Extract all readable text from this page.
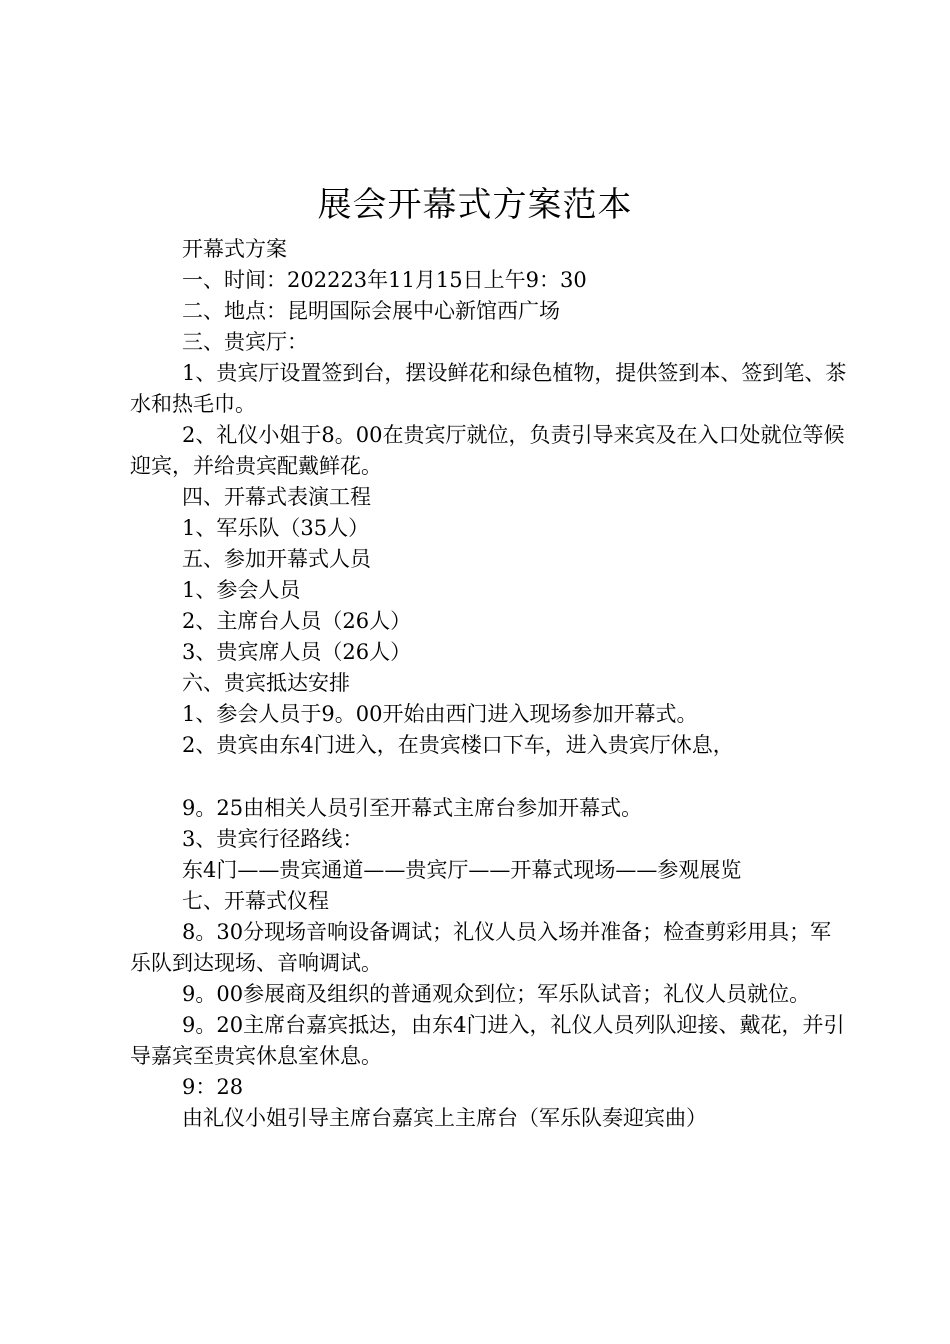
展会开幕式方案范本

开幕式方案

一、时间：202223年11月15日上午9：30

二、地点：昆明国际会展中心新馆西广场

三、贵宾厅：

1、贵宾厅设置签到台，摆设鲜花和绿色植物，提供签到本、签到笔、茶水和热毛巾。

2、礼仪小姐于8。00在贵宾厅就位，负责引导来宾及在入口处就位等候迎宾，并给贵宾配戴鲜花。

四、开幕式表演工程

1、军乐队（35人）

五、参加开幕式人员

1、参会人员

2、主席台人员（26人）

3、贵宾席人员（26人）

六、贵宾抵达安排

1、参会人员于9。00开始由西门进入现场参加开幕式。

2、贵宾由东4门进入，在贵宾楼口下车，进入贵宾厅休息，

9。25由相关人员引至开幕式主席台参加开幕式。

3、贵宾行径路线：

东4门——贵宾通道——贵宾厅——开幕式现场——参观展览

七、开幕式仪程

8。30分现场音响设备调试；礼仪人员入场并准备；检查剪彩用具；军乐队到达现场、音响调试。

9。00参展商及组织的普通观众到位；军乐队试音；礼仪人员就位。

9。20主席台嘉宾抵达，由东4门进入，礼仪人员列队迎接、戴花，并引导嘉宾至贵宾休息室休息。

9：28

由礼仪小姐引导主席台嘉宾上主席台（军乐队奏迎宾曲）
